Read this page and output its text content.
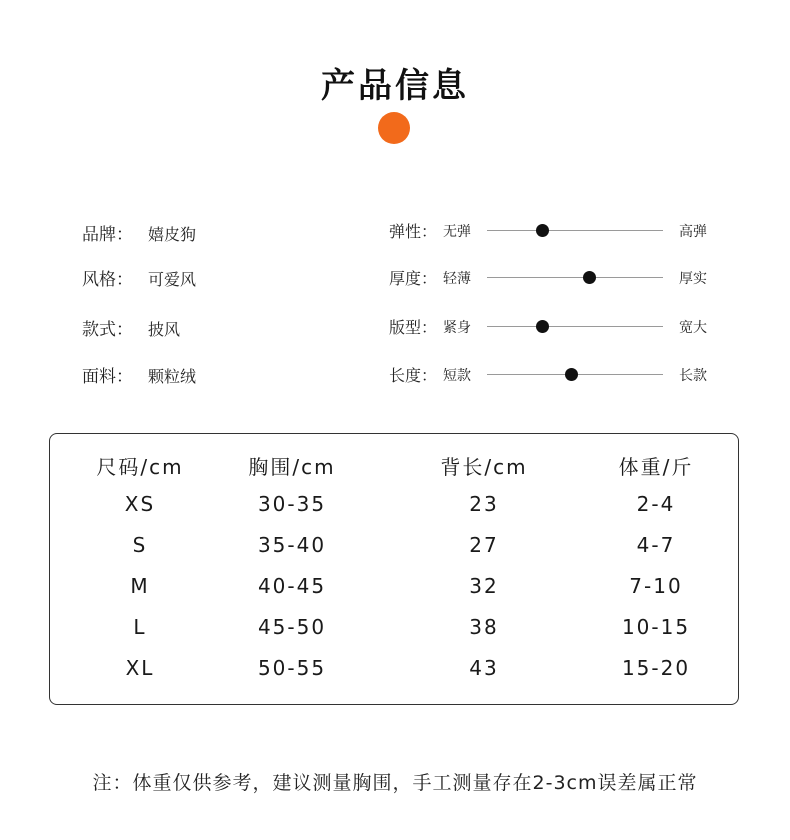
产品信息
品牌： 嬉皮狗
风格： 可爱风
款式： 披风
面料： 颗粒绒
弹性： 无弹	高弹
厚度： 轻薄	厚实
版型： 紧身	宽大
长度： 短款	长款
尺码/cm	胸围/cm	背长/cm	体重/斤
XS	30-35	23	2-4
S	35-40	27	4-7
M	40-45	32	7-10
L	45-50	38	10-15
XL	50-55	43	15-20
注：体重仅供参考，建议测量胸围，手工测量存在2-3cm误差属正常
